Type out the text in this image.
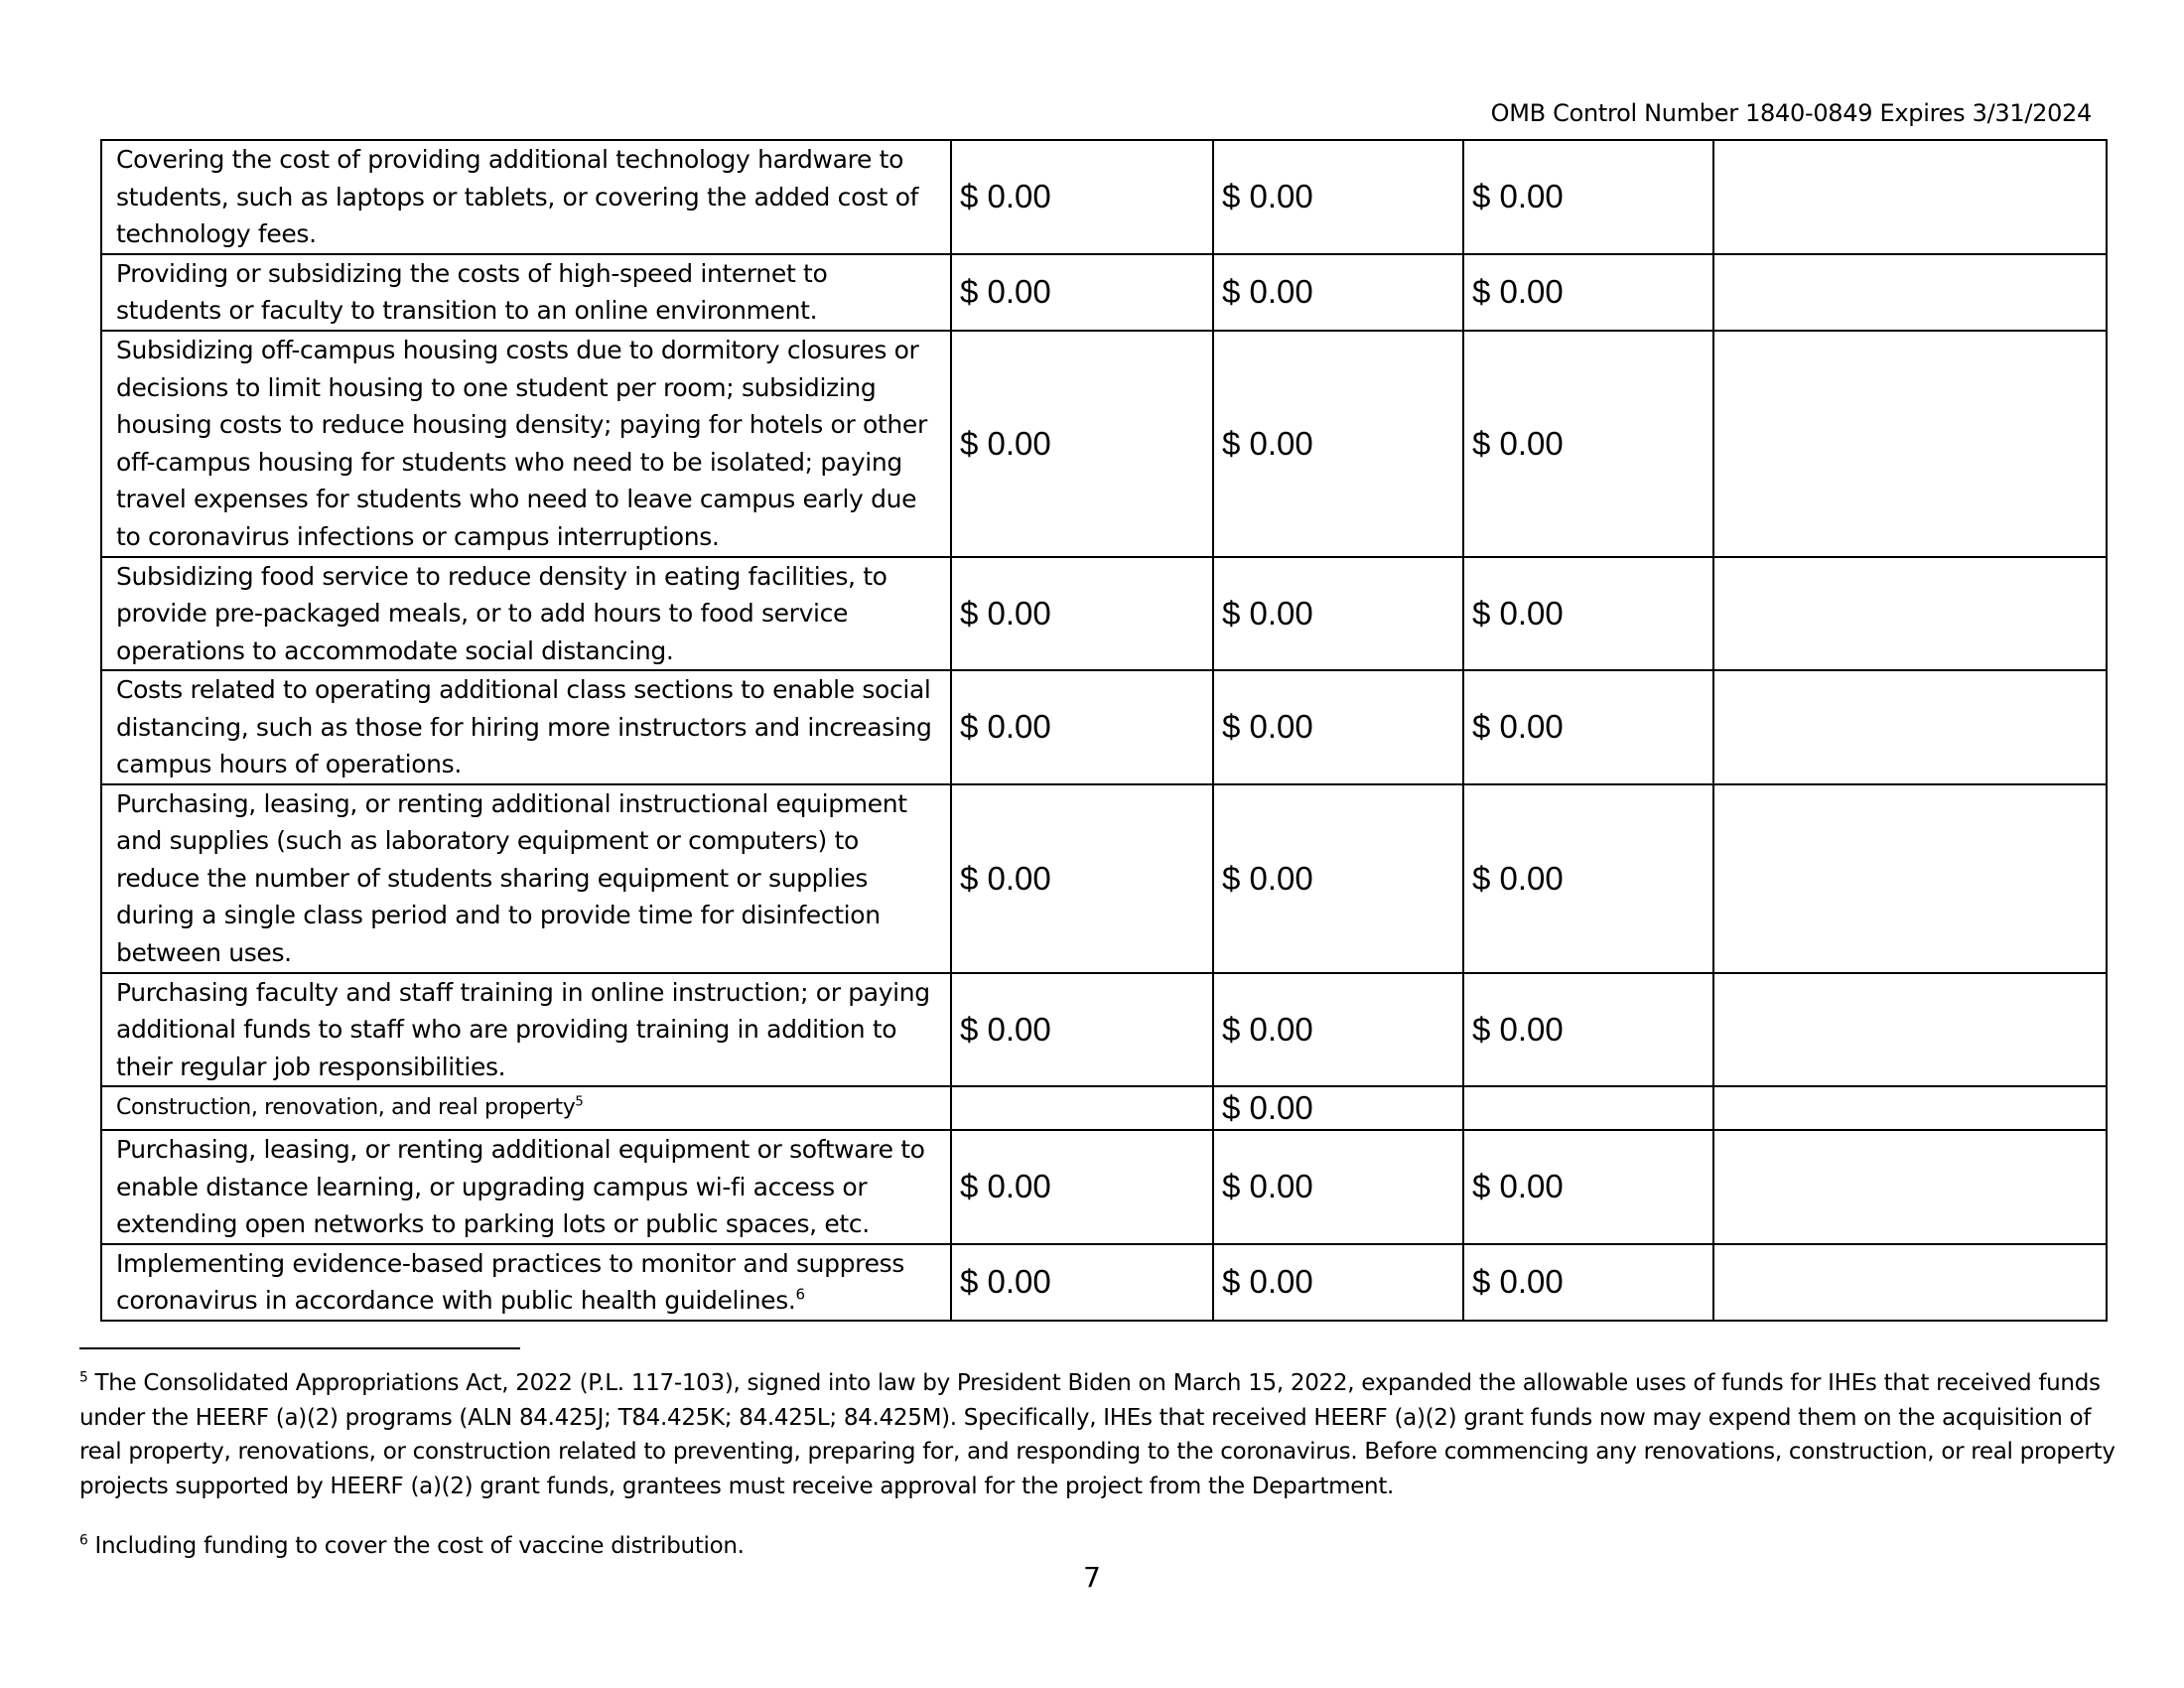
OMB Control Number 1840-0849 Expires 3/31/2024
Covering the cost of providing additional technology hardware to students, such as laptops or tablets, or covering the added cost of technology fees.	$ 0.00	$ 0.00	$ 0.00	
Providing or subsidizing the costs of high-speed internet to students or faculty to transition to an online environment.	$ 0.00	$ 0.00	$ 0.00	
Subsidizing off-campus housing costs due to dormitory closures or decisions to limit housing to one student per room; subsidizing housing costs to reduce housing density; paying for hotels or other off-campus housing for students who need to be isolated; paying travel expenses for students who need to leave campus early due to coronavirus infections or campus interruptions.	$ 0.00	$ 0.00	$ 0.00	
Subsidizing food service to reduce density in eating facilities, to provide pre-packaged meals, or to add hours to food service operations to accommodate social distancing.	$ 0.00	$ 0.00	$ 0.00	
Costs related to operating additional class sections to enable social distancing, such as those for hiring more instructors and increasing campus hours of operations.	$ 0.00	$ 0.00	$ 0.00	
Purchasing, leasing, or renting additional instructional equipment and supplies (such as laboratory equipment or computers) to reduce the number of students sharing equipment or supplies during a single class period and to provide time for disinfection between uses.	$ 0.00	$ 0.00	$ 0.00	
Purchasing faculty and staff training in online instruction; or paying additional funds to staff who are providing training in addition to their regular job responsibilities.	$ 0.00	$ 0.00	$ 0.00	
Construction, renovation, and real property$^5$		$ 0.00		
Purchasing, leasing, or renting additional equipment or software to enable distance learning, or upgrading campus wi-fi access or extending open networks to parking lots or public spaces, etc.	$ 0.00	$ 0.00	$ 0.00	
Implementing evidence-based practices to monitor and suppress coronavirus in accordance with public health guidelines.$^6$	$ 0.00	$ 0.00	$ 0.00	
$^5$ The Consolidated Appropriations Act, 2022 (P.L. 117-103), signed into law by President Biden on March 15, 2022, expanded the allowable uses of funds for IHEs that received funds under the HEERF (a)(2) programs (ALN 84.425J; T84.425K; 84.425L; 84.425M). Specifically, IHEs that received HEERF (a)(2) grant funds now may expend them on the acquisition of real property, renovations, or construction related to preventing, preparing for, and responding to the coronavirus. Before commencing any renovations, construction, or real property projects supported by HEERF (a)(2) grant funds, grantees must receive approval for the project from the Department.
$^6$ Including funding to cover the cost of vaccine distribution.
7
